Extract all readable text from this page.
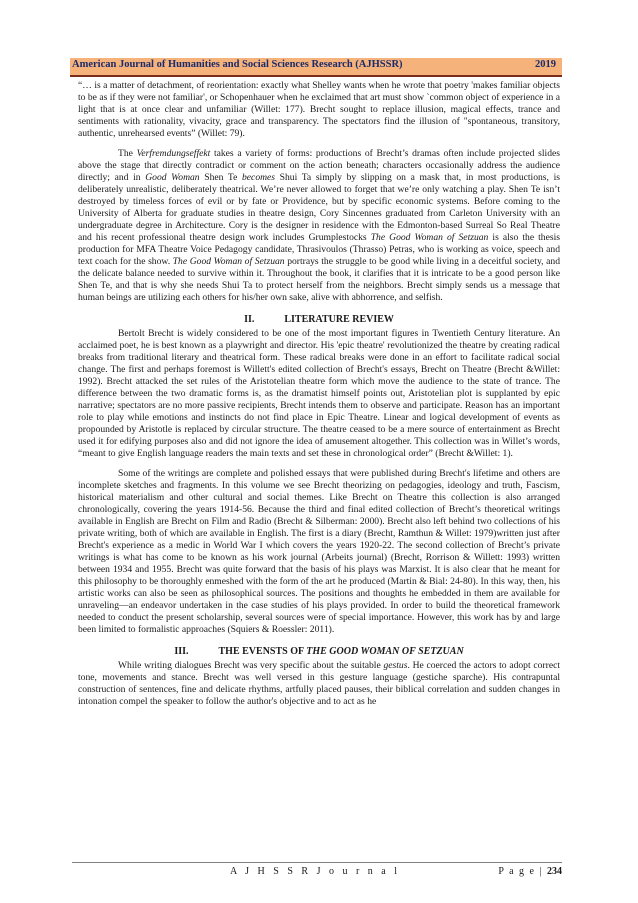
American Journal of Humanities and Social Sciences Research (AJHSSR)	2019

“… is a matter of detachment, of reorientation: exactly what Shelley wants when he wrote that poetry 'makes familiar objects to be as if they were not familiar', or Schopenhauer when he exclaimed that art must show `common object of experience in a light that is at once clear and unfamiliar (Willet: 177). Brecht sought to replace illusion, magical effects, trance and sentiments with rationality, vivacity, grace and transparency. The spectators find the illusion of "spontaneous, transitory, authentic, unrehearsed events” (Willet: 79).

The Verfremdungseffekt takes a variety of forms: productions of Brecht’s dramas often include projected slides above the stage that directly contradict or comment on the action beneath; characters occasionally address the audience directly; and in Good Woman Shen Te becomes Shui Ta simply by slipping on a mask that, in most productions, is deliberately unrealistic, deliberately theatrical. We’re never allowed to forget that we’re only watching a play. Shen Te isn’t destroyed by timeless forces of evil or by fate or Providence, but by specific economic systems. Before coming to the University of Alberta for graduate studies in theatre design, Cory Sincennes graduated from Carleton University with an undergraduate degree in Architecture. Cory is the designer in residence with the Edmonton-based Surreal So Real Theatre and his recent professional theatre design work includes Grumplestocks The Good Woman of Setzuan is also the thesis production for MFA Theatre Voice Pedagogy candidate, Thrasivoulos (Thrasso) Petras, who is working as voice, speech and text coach for the show. The Good Woman of Setzuan portrays the struggle to be good while living in a deceitful society, and the delicate balance needed to survive within it. Throughout the book, it clarifies that it is intricate to be a good person like Shen Te, and that is why she needs Shui Ta to protect herself from the neighbors. Brecht simply sends us a message that human beings are utilizing each others for his/her own sake, alive with abhorrence, and selfish.

II.	LITERATURE REVIEW

Bertolt Brecht is widely considered to be one of the most important figures in Twentieth Century literature. An acclaimed poet, he is best known as a playwright and director. His 'epic theatre' revolutionized the theatre by creating radical breaks from traditional literary and theatrical form. These radical breaks were done in an effort to facilitate radical social change. The first and perhaps foremost is Willett's edited collection of Brecht's essays, Brecht on Theatre (Brecht &Willet: 1992). Brecht attacked the set rules of the Aristotelian theatre form which move the audience to the state of trance. The difference between the two dramatic forms is, as the dramatist himself points out, Aristotelian plot is supplanted by epic narrative; spectators are no more passive recipients, Brecht intends them to observe and participate. Reason has an important role to play while emotions and instincts do not find place in Epic Theatre. Linear and logical development of events as propounded by Aristotle is replaced by circular structure. The theatre ceased to be a mere source of entertainment as Brecht used it for edifying purposes also and did not ignore the idea of amusement altogether. This collection was in Willet’s words, “meant to give English language readers the main texts and set these in chronological order” (Brecht &Willet: 1).

Some of the writings are complete and polished essays that were published during Brecht's lifetime and others are incomplete sketches and fragments. In this volume we see Brecht theorizing on pedagogies, ideology and truth, Fascism, historical materialism and other cultural and social themes. Like Brecht on Theatre this collection is also arranged chronologically, covering the years 1914-56. Because the third and final edited collection of Brecht’s theoretical writings available in English are Brecht on Film and Radio (Brecht & Silberman: 2000). Brecht also left behind two collections of his private writing, both of which are available in English. The first is a diary (Brecht, Ramthun & Willet: 1979)written just after Brecht's experience as a medic in World War I which covers the years 1920-22. The second collection of Brecht’s private writings is what has come to be known as his work journal (Arbeits journal) (Brecht, Rorrison & Willett: 1993) written between 1934 and 1955. Brecht was quite forward that the basis of his plays was Marxist. It is also clear that he meant for this philosophy to be thoroughly enmeshed with the form of the art he produced (Martin & Bial: 24-80). In this way, then, his artistic works can also be seen as philosophical sources. The positions and thoughts he embedded in them are available for unraveling—an endeavor undertaken in the case studies of his plays provided. In order to build the theoretical framework needed to conduct the present scholarship, several sources were of special importance. However, this work has by and large been limited to formalistic approaches (Squiers & Roessler: 2011).

III.	THE EVENSTS OF THE GOOD WOMAN OF SETZUAN

While writing dialogues Brecht was very specific about the suitable gestus. He coerced the actors to adopt correct tone, movements and stance. Brecht was well versed in this gesture language (gestiche sparche). His contrapuntal construction of sentences, fine and delicate rhythms, artfully placed pauses, their biblical correlation and sudden changes in intonation compel the speaker to follow the author's objective and to act as he

A J H S S R J o u r n a l	P a g e | 234
